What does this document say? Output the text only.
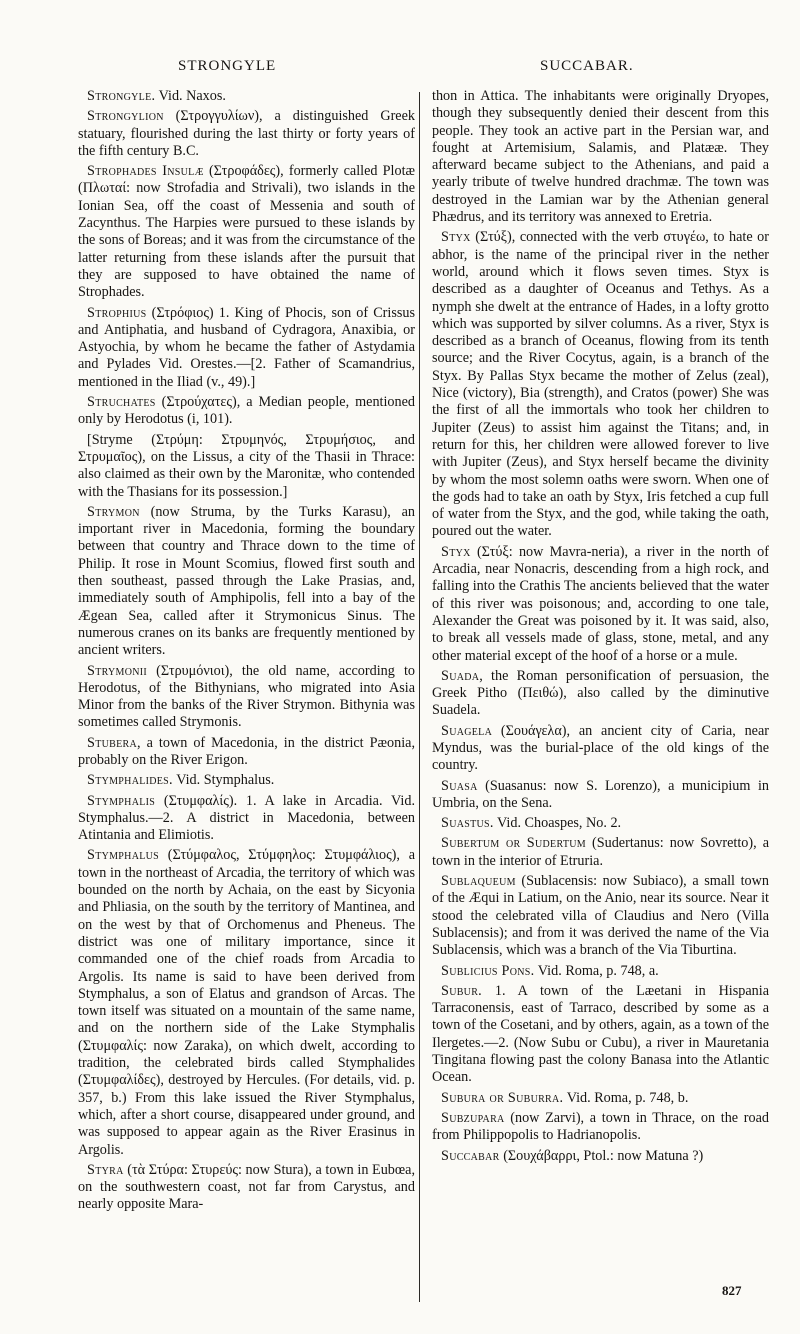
STRONGYLE	SUCCABAR.

Strongyle. Vid. Naxos.

Strongylion (Στρογγυλίων), a distinguished Greek statuary, flourished during the last thirty or forty years of the fifth century B.C.

Strophades Insulæ (Στροφάδες), formerly called Plotæ (Πλωταί: now Strofadia and Strivali), two islands in the Ionian Sea, off the coast of Messenia and south of Zacynthus. The Harpies were pursued to these islands by the sons of Boreas; and it was from the circumstance of the latter returning from these islands after the pursuit that they are supposed to have obtained the name of Strophades.

Strophius (Στρόφιος) 1. King of Phocis, son of Crissus and Antiphatia, and husband of Cydragora, Anaxibia, or Astyochia, by whom he became the father of Astydamia and Pylades Vid. Orestes.—[2. Father of Scamandrius, mentioned in the Iliad (v., 49).]

Struchates (Στρούχατες), a Median people, mentioned only by Herodotus (i, 101).

[Stryme (Στρύμη: Στρυμηνός, Στρυμήσιος, and Στρυμαῖος), on the Lissus, a city of the Thasii in Thrace: also claimed as their own by the Maronitæ, who contended with the Thasians for its possession.]

Strymon (now Struma, by the Turks Karasu), an important river in Macedonia, forming the boundary between that country and Thrace down to the time of Philip. It rose in Mount Scomius, flowed first south and then southeast, passed through the Lake Prasias, and, immediately south of Amphipolis, fell into a bay of the Ægean Sea, called after it Strymonicus Sinus. The numerous cranes on its banks are frequently mentioned by ancient writers.

Strymonii (Στρυμόνιοι), the old name, according to Herodotus, of the Bithynians, who migrated into Asia Minor from the banks of the River Strymon. Bithynia was sometimes called Strymonis.

Stubera, a town of Macedonia, in the district Pæonia, probably on the River Erigon.

Stymphalides. Vid. Stymphalus.

Stymphalis (Στυμφαλίς). 1. A lake in Arcadia. Vid. Stymphalus.—2. A district in Macedonia, between Atintania and Elimiotis.

Stymphalus (Στύμφαλος, Στύμφηλος: Στυμφάλιος), a town in the northeast of Arcadia, the territory of which was bounded on the north by Achaia, on the east by Sicyonia and Phliasia, on the south by the territory of Mantinea, and on the west by that of Orchomenus and Pheneus. The district was one of military importance, since it commanded one of the chief roads from Arcadia to Argolis. Its name is said to have been derived from Stymphalus, a son of Elatus and grandson of Arcas. The town itself was situated on a mountain of the same name, and on the northern side of the Lake Stymphalis (Στυμφαλίς: now Zaraka), on which dwelt, according to tradition, the celebrated birds called Stymphalides (Στυμφαλίδες), destroyed by Hercules. (For details, vid. p. 357, b.) From this lake issued the River Stymphalus, which, after a short course, disappeared under ground, and was supposed to appear again as the River Erasinus in Argolis.

Styra (τὰ Στύρα: Στυρεύς: now Stura), a town in Eubœa, on the southwestern coast, not far from Carystus, and nearly opposite Mara-

thon in Attica. The inhabitants were originally Dryopes, though they subsequently denied their descent from this people. They took an active part in the Persian war, and fought at Artemisium, Salamis, and Platææ. They afterward became subject to the Athenians, and paid a yearly tribute of twelve hundred drachmæ. The town was destroyed in the Lamian war by the Athenian general Phædrus, and its territory was annexed to Eretria.

Styx (Στύξ), connected with the verb στυγέω, to hate or abhor, is the name of the principal river in the nether world, around which it flows seven times. Styx is described as a daughter of Oceanus and Tethys. As a nymph she dwelt at the entrance of Hades, in a lofty grotto which was supported by silver columns. As a river, Styx is described as a branch of Oceanus, flowing from its tenth source; and the River Cocytus, again, is a branch of the Styx. By Pallas Styx became the mother of Zelus (zeal), Nice (victory), Bia (strength), and Cratos (power) She was the first of all the immortals who took her children to Jupiter (Zeus) to assist him against the Titans; and, in return for this, her children were allowed forever to live with Jupiter (Zeus), and Styx herself became the divinity by whom the most solemn oaths were sworn. When one of the gods had to take an oath by Styx, Iris fetched a cup full of water from the Styx, and the god, while taking the oath, poured out the water.

Styx (Στύξ: now Mavra-neria), a river in the north of Arcadia, near Nonacris, descending from a high rock, and falling into the Crathis The ancients believed that the water of this river was poisonous; and, according to one tale, Alexander the Great was poisoned by it. It was said, also, to break all vessels made of glass, stone, metal, and any other material except of the hoof of a horse or a mule.

Suada, the Roman personification of persuasion, the Greek Pitho (Πειθώ), also called by the diminutive Suadela.

Suagela (Σουάγελα), an ancient city of Caria, near Myndus, was the burial-place of the old kings of the country.

Suasa (Suasanus: now S. Lorenzo), a municipium in Umbria, on the Sena.

Suastus. Vid. Choaspes, No. 2.

Subertum or Sudertum (Sudertanus: now Sovretto), a town in the interior of Etruria.

Sublaqueum (Sublacensis: now Subiaco), a small town of the Æqui in Latium, on the Anio, near its source. Near it stood the celebrated villa of Claudius and Nero (Villa Sublacensis); and from it was derived the name of the Via Sublacensis, which was a branch of the Via Tiburtina.

Sublicius Pons. Vid. Roma, p. 748, a.

Subur. 1. A town of the Læetani in Hispania Tarraconensis, east of Tarraco, described by some as a town of the Cosetani, and by others, again, as a town of the Ilergetes.—2. (Now Subu or Cubu), a river in Mauretania Tingitana flowing past the colony Banasa into the Atlantic Ocean.

Subura or Suburra. Vid. Roma, p. 748, b.

Subzupara (now Zarvi), a town in Thrace, on the road from Philippopolis to Hadrianopolis.

Succabar (Σουχάβαρρι, Ptol.: now Matuna ?)

827
